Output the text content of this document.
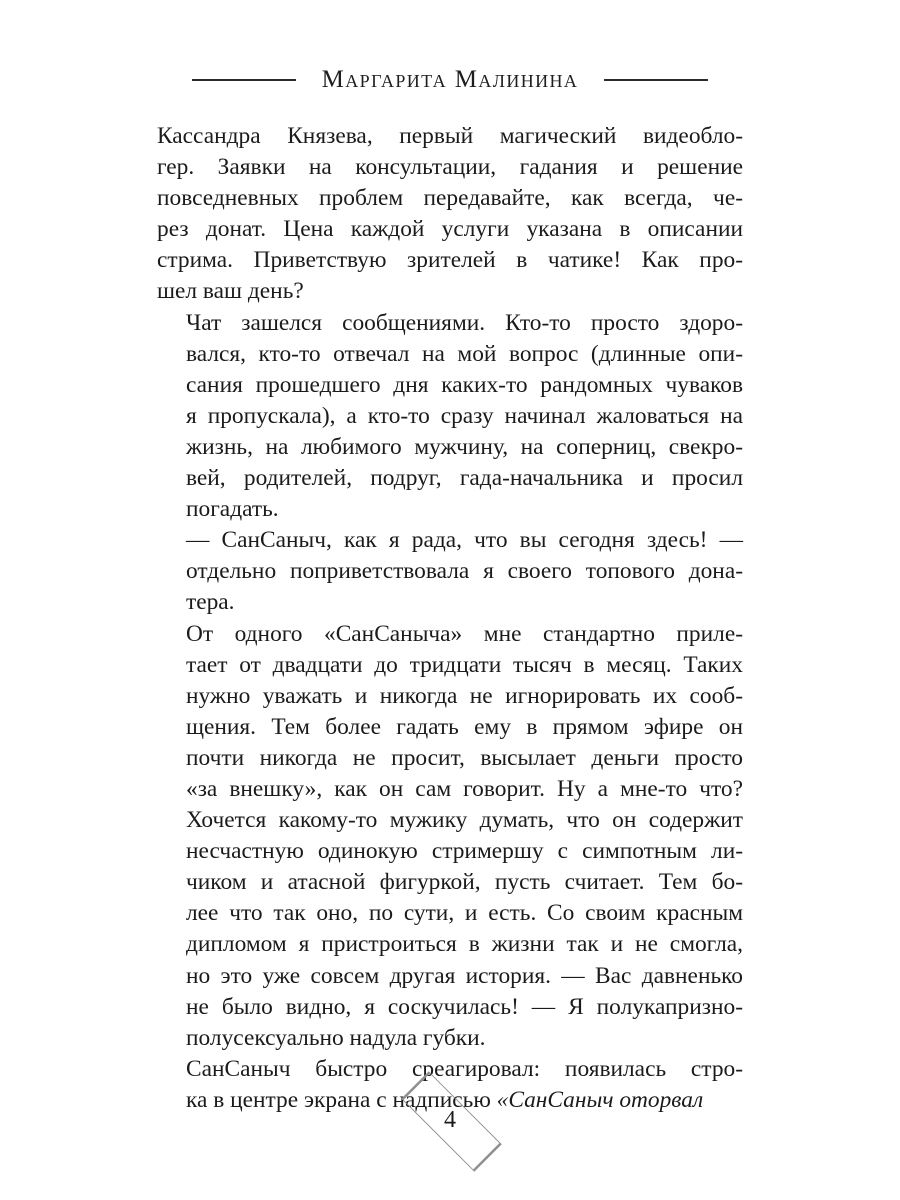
Маргарита Малинина

Кассандра Князева, первый магический видеобло-
гер. Заявки на консультации, гадания и решение
повседневных проблем передавайте, как всегда, че-
рез донат. Цена каждой услуги указана в описании
стрима. Приветствую зрителей в чатике! Как про-
шел ваш день?

Чат зашелся сообщениями. Кто-то просто здоро-
вался, кто-то отвечал на мой вопрос (длинные опи-
сания прошедшего дня каких-то рандомных чуваков
я пропускала), а кто-то сразу начинал жаловаться на
жизнь, на любимого мужчину, на соперниц, свекро-
вей, родителей, подруг, гада-начальника и просил
погадать.

— СанСаныч, как я рада, что вы сегодня здесь! —
отдельно поприветствовала я своего топового дона-
тера.

От одного «СанСаныча» мне стандартно приле-
тает от двадцати до тридцати тысяч в месяц. Таких
нужно уважать и никогда не игнорировать их сооб-
щения. Тем более гадать ему в прямом эфире он
почти никогда не просит, высылает деньги просто
«за внешку», как он сам говорит. Ну а мне-то что?
Хочется какому-то мужику думать, что он содержит
несчастную одинокую стримершу с симпотным ли-
чиком и атасной фигуркой, пусть считает. Тем бо-
лее что так оно, по сути, и есть. Со своим красным
дипломом я пристроиться в жизни так и не смогла,
но это уже совсем другая история. — Вас давненько
не было видно, я соскучилась! — Я полукапризно-
полусексуально надула губки.

СанСаныч быстро среагировал: появилась стро-
ка в центре экрана с надписью «СанСаныч оторвал

4
